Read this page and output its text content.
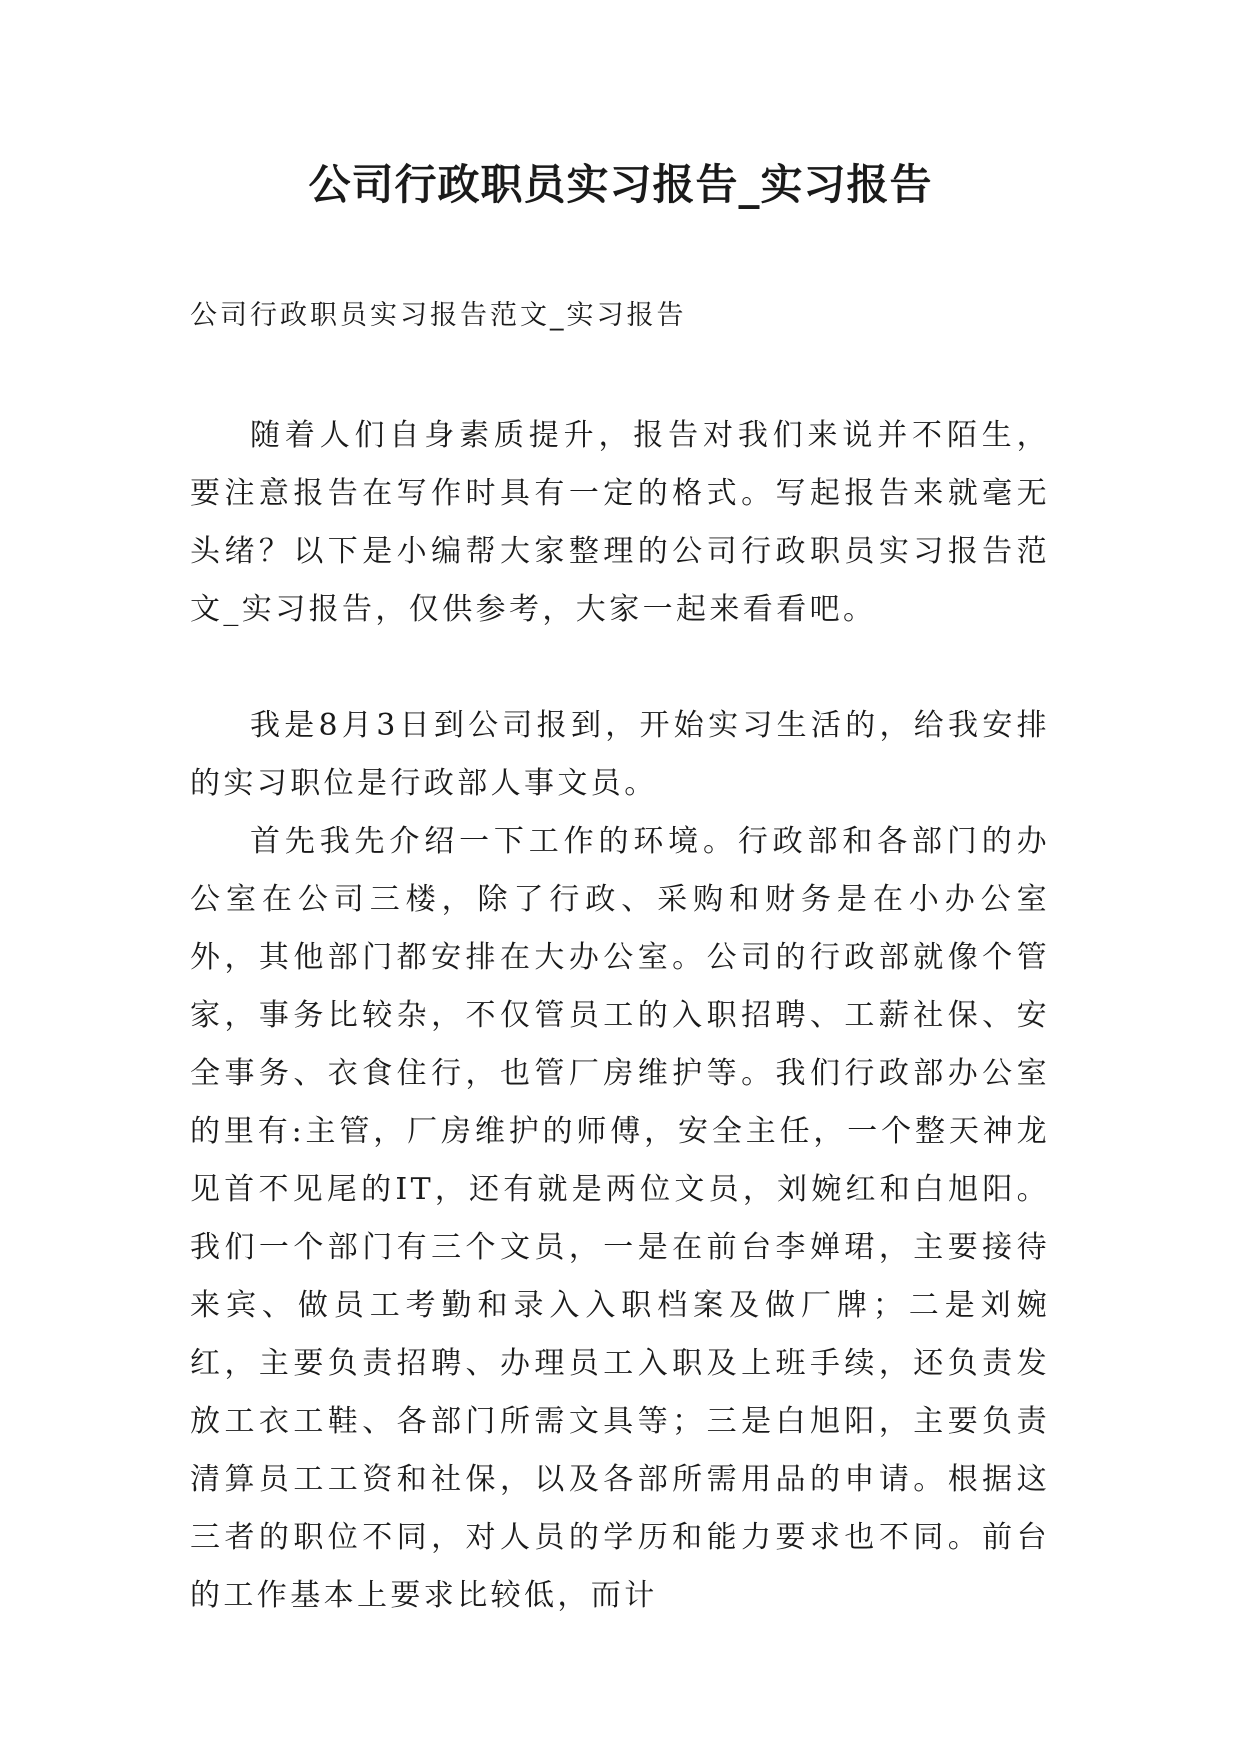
公司行政职员实习报告_实习报告

公司行政职员实习报告范文_实习报告

随着人们自身素质提升，报告对我们来说并不陌生，要注意报告在写作时具有一定的格式。写起报告来就毫无头绪？以下是小编帮大家整理的公司行政职员实习报告范文_实习报告，仅供参考，大家一起来看看吧。

我是8月3日到公司报到，开始实习生活的，给我安排的实习职位是行政部人事文员。

首先我先介绍一下工作的环境。行政部和各部门的办公室在公司三楼，除了行政、采购和财务是在小办公室外，其他部门都安排在大办公室。公司的行政部就像个管家，事务比较杂，不仅管员工的入职招聘、工薪社保、安全事务、衣食住行，也管厂房维护等。我们行政部办公室的里有:主管，厂房维护的师傅，安全主任，一个整天神龙见首不见尾的IT，还有就是两位文员，刘婉红和白旭阳。我们一个部门有三个文员，一是在前台李婵珺，主要接待来宾、做员工考勤和录入入职档案及做厂牌；二是刘婉红，主要负责招聘、办理员工入职及上班手续，还负责发放工衣工鞋、各部门所需文具等；三是白旭阳，主要负责清算员工工资和社保，以及各部所需用品的申请。根据这三者的职位不同，对人员的学历和能力要求也不同。前台的工作基本上要求比较低，而计
